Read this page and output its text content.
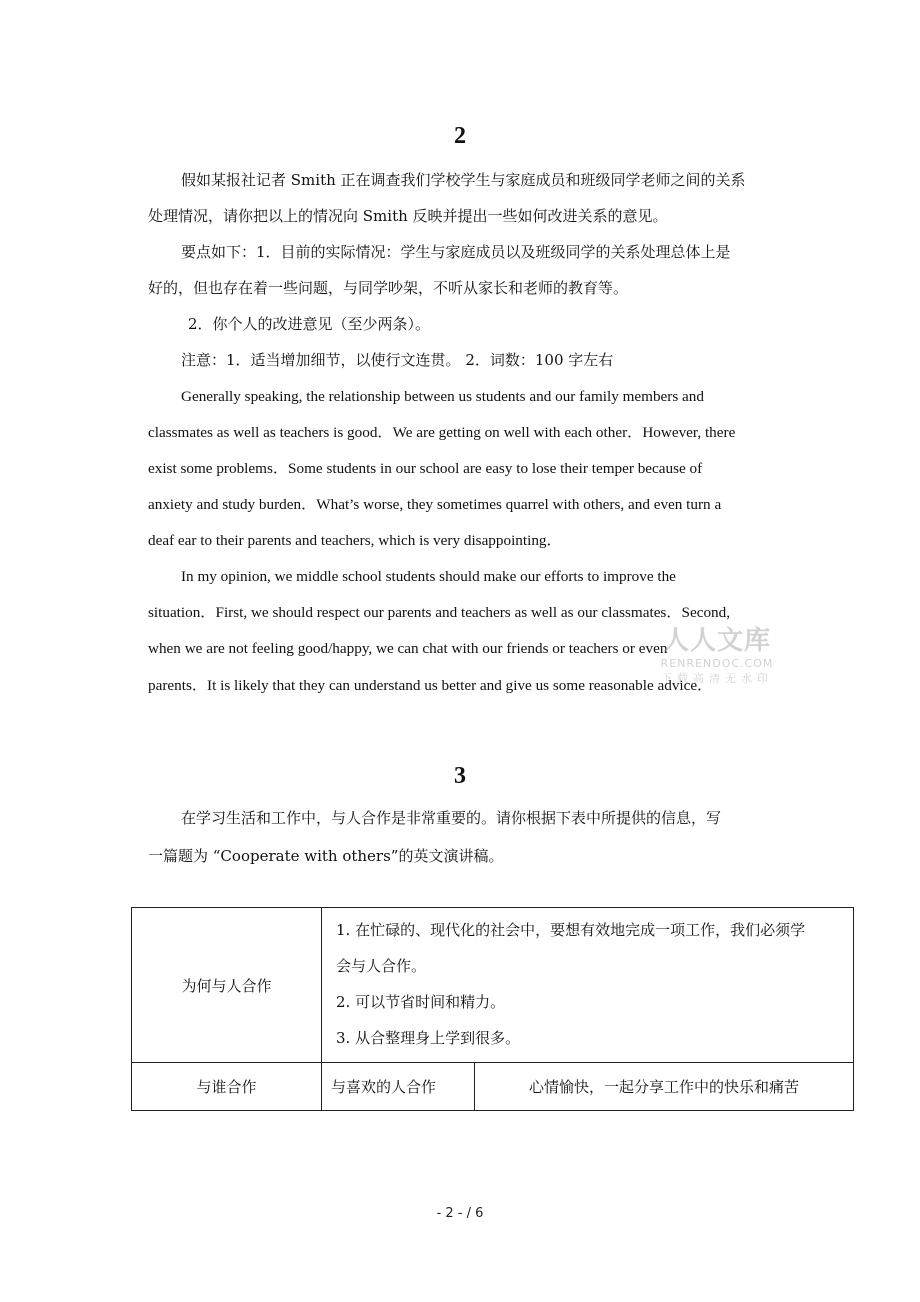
2
假如某报社记者 Smith 正在调查我们学校学生与家庭成员和班级同学老师之间的关系
处理情况，请你把以上的情况向 Smith 反映并提出一些如何改进关系的意见。
要点如下：1．目前的实际情况：学生与家庭成员以及班级同学的关系处理总体上是
好的，但也存在着一些问题，与同学吵架，不听从家长和老师的教育等。
2．你个人的改进意见（至少两条）。
注意：1．适当增加细节，以使行文连贯。 2．词数：100 字左右
Generally speaking, the relationship between us students and our family members and
classmates as well as teachers is good．We are getting on well with each other．However, there
exist some problems．Some students in our school are easy to lose their temper because of
anxiety and study burden．What’s worse, they sometimes quarrel with others, and even turn a
deaf ear to their parents and teachers, which is very disappointing．
In my opinion, we middle school students should make our efforts to improve the
situation．First, we should respect our parents and teachers as well as our classmates．Second,
when we are not feeling good/happy, we can chat with our friends or teachers or even
parents．It is likely that they can understand us better and give us some reasonable advice．
人人文库
RENRENDOC.COM
下载高清无水印
3
在学习生活和工作中，与人合作是非常重要的。请你根据下表中所提供的信息，写
一篇题为 “Cooperate with others”的英文演讲稿。
为何与人合作	1. 在忙碌的、现代化的社会中，要想有效地完成一项工作，我们必须学
会与人合作。
2. 可以节省时间和精力。
3. 从合整理身上学到很多。	

与谁合作	与喜欢的人合作	心情愉快，一起分享工作中的快乐和痛苦
- 2 - / 6
